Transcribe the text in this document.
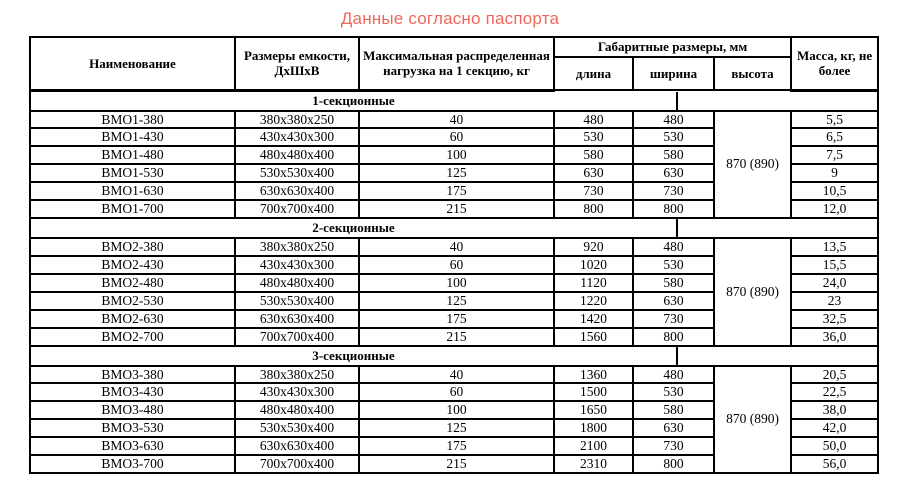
Данные согласно паспорта
Наименование	Размеры емкости, ДхШхВ	Максимальная распределенная нагрузка на 1 секцию, кг	Габаритные размеры, мм			Масса, кг, не более
			длина	ширина	высота	

1-секционные						

ВМО1-380	380х380х250	40	480	480	870 (890)	5,5
ВМО1-430	430х430х300	60	530	530		6,5
ВМО1-480	480х480х400	100	580	580		7,5
ВМО1-530	530х530х400	125	630	630		9
ВМО1-630	630х630х400	175	730	730		10,5
ВМО1-700	700х700х400	215	800	800		12,0

2-секционные						

ВМО2-380	380х380х250	40	920	480	870 (890)	13,5
ВМО2-430	430х430х300	60	1020	530		15,5
ВМО2-480	480х480х400	100	1120	580		24,0
ВМО2-530	530х530х400	125	1220	630		23
ВМО2-630	630х630х400	175	1420	730		32,5
ВМО2-700	700х700х400	215	1560	800		36,0

3-секционные						

ВМО3-380	380х380х250	40	1360	480	870 (890)	20,5
ВМО3-430	430х430х300	60	1500	530		22,5
ВМО3-480	480х480х400	100	1650	580		38,0
ВМО3-530	530х530х400	125	1800	630		42,0
ВМО3-630	630х630х400	175	2100	730		50,0
ВМО3-700	700х700х400	215	2310	800		56,0
